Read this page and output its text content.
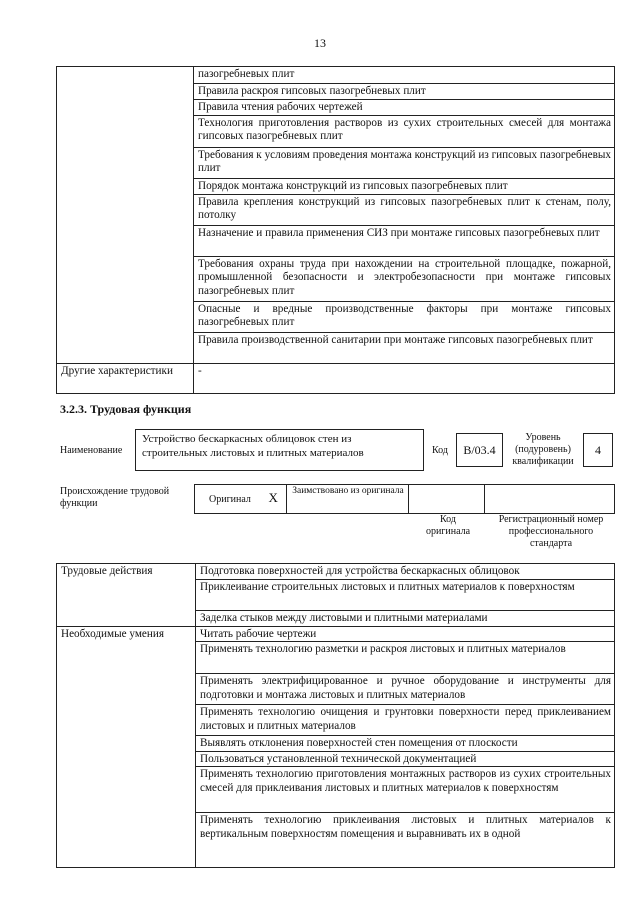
13
	пазогребневых плит
	Правила раскроя гипсовых пазогребневых плит
	Правила чтения рабочих чертежей
	Технология приготовления растворов из сухих строительных смесей для монтажа гипсовых пазогребневых плит
	Требования к условиям проведения монтажа конструкций из гипсовых пазогребневых плит
	Порядок монтажа конструкций из гипсовых пазогребневых плит
	Правила крепления конструкций из гипсовых пазогребневых плит к стенам, полу, потолку
	Назначение и правила применения СИЗ при монтаже гипсовых пазогребневых плит
	Требования охраны труда при нахождении на строительной площадке, пожарной, промышленной безопасности и электробезопасности при монтаже гипсовых пазогребневых плит
	Опасные и вредные производственные факторы при монтаже гипсовых пазогребневых плит
	Правила производственной санитарии при монтаже гипсовых пазогребневых плит
Другие характеристики	-
3.2.3. Трудовая функция
Наименование
Устройство бескаркасных облицовок стен из строительных листовых и плитных материалов	Код	B/03.4
Уровень (подуровень) квалификации
4
Происхождение трудовой функции	Оригинал	X	Заимствовано из оригинала		
Код оригинала
Регистрационный номер профессионального стандарта
Трудовые действия	Подготовка поверхностей для устройства бескаркасных облицовок
	Приклеивание строительных листовых и плитных материалов к поверхностям
	Заделка стыков между листовыми и плитными материалами
Необходимые умения	Читать рабочие чертежи
	Применять технологию разметки и раскроя листовых и плитных материалов
	Применять электрифицированное и ручное оборудование и инструменты для подготовки и монтажа листовых и плитных материалов
	Применять технологию очищения и грунтовки поверхности перед приклеиванием листовых и плитных материалов
	Выявлять отклонения поверхностей стен помещения от плоскости
	Пользоваться установленной технической документацией
	Применять технологию приготовления монтажных растворов из сухих строительных смесей для приклеивания листовых и плитных материалов к поверхностям
	Применять технологию приклеивания листовых и плитных материалов к вертикальным поверхностям помещения и выравнивать их в одной
